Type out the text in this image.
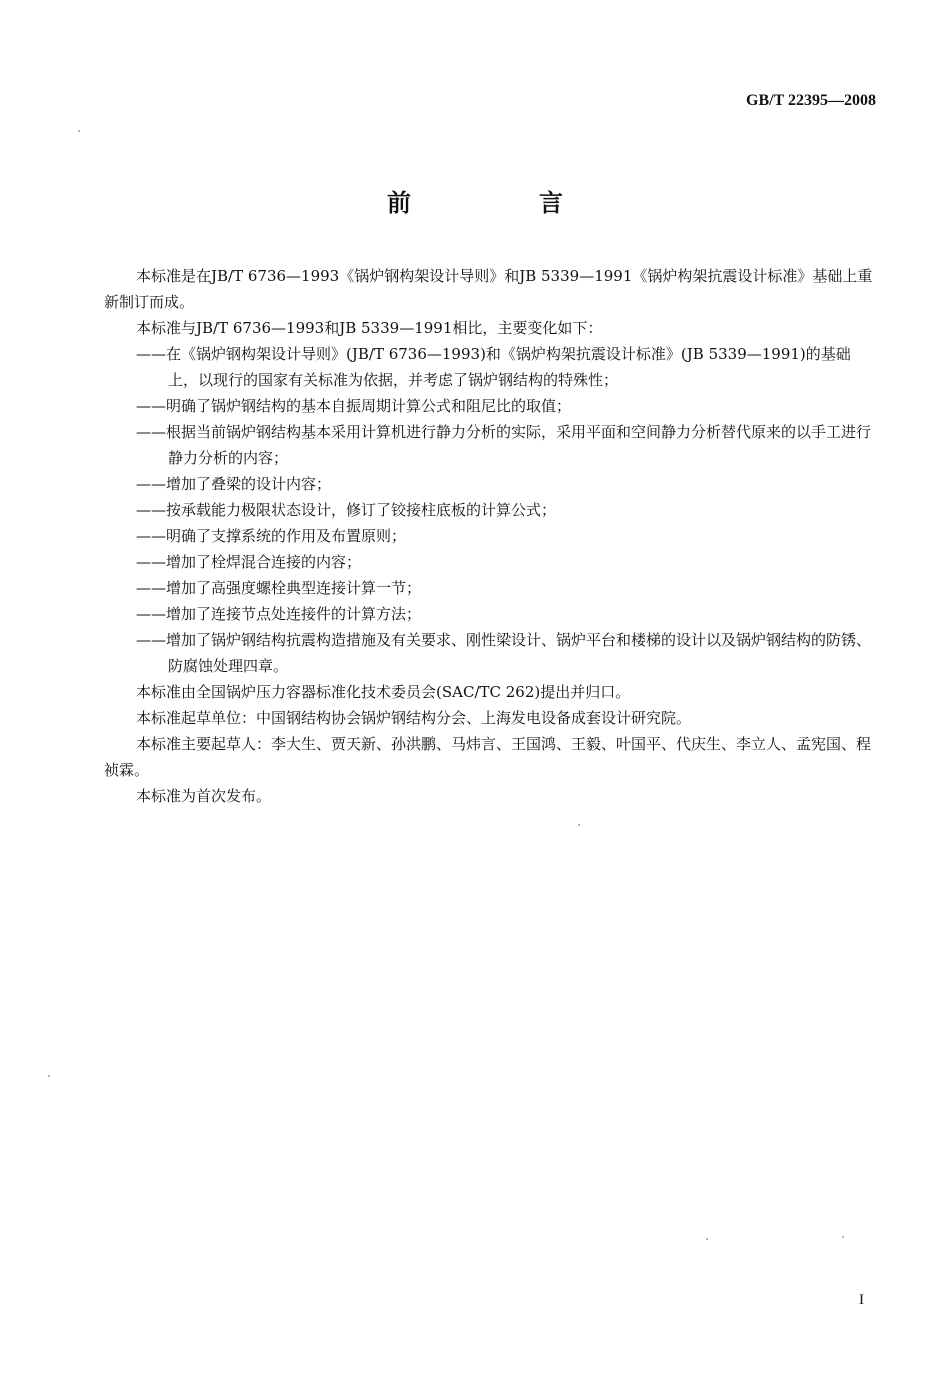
GB/T 22395—2008
前　言

本标准是在JB/T 6736—1993《锅炉钢构架设计导则》和JB 5339—1991《锅炉构架抗震设计标准》基础上重新制订而成。

本标准与JB/T 6736—1993和JB 5339—1991相比，主要变化如下：

——在《锅炉钢构架设计导则》(JB/T 6736—1993)和《锅炉构架抗震设计标准》(JB 5339—1991)的基础上，以现行的国家有关标准为依据，并考虑了锅炉钢结构的特殊性；

——明确了锅炉钢结构的基本自振周期计算公式和阻尼比的取值；

——根据当前锅炉钢结构基本采用计算机进行静力分析的实际，采用平面和空间静力分析替代原来的以手工进行静力分析的内容；

——增加了叠梁的设计内容；

——按承载能力极限状态设计，修订了铰接柱底板的计算公式；

——明确了支撑系统的作用及布置原则；

——增加了栓焊混合连接的内容；

——增加了高强度螺栓典型连接计算一节；

——增加了连接节点处连接件的计算方法；

——增加了锅炉钢结构抗震构造措施及有关要求、刚性梁设计、锅炉平台和楼梯的设计以及锅炉钢结构的防锈、防腐蚀处理四章。

本标准由全国锅炉压力容器标准化技术委员会(SAC/TC 262)提出并归口。

本标准起草单位：中国钢结构协会锅炉钢结构分会、上海发电设备成套设计研究院。

本标准主要起草人：李大生、贾天新、孙洪鹏、马炜言、王国鸿、王毅、叶国平、代庆生、李立人、孟宪国、程祯霖。

本标准为首次发布。

I
